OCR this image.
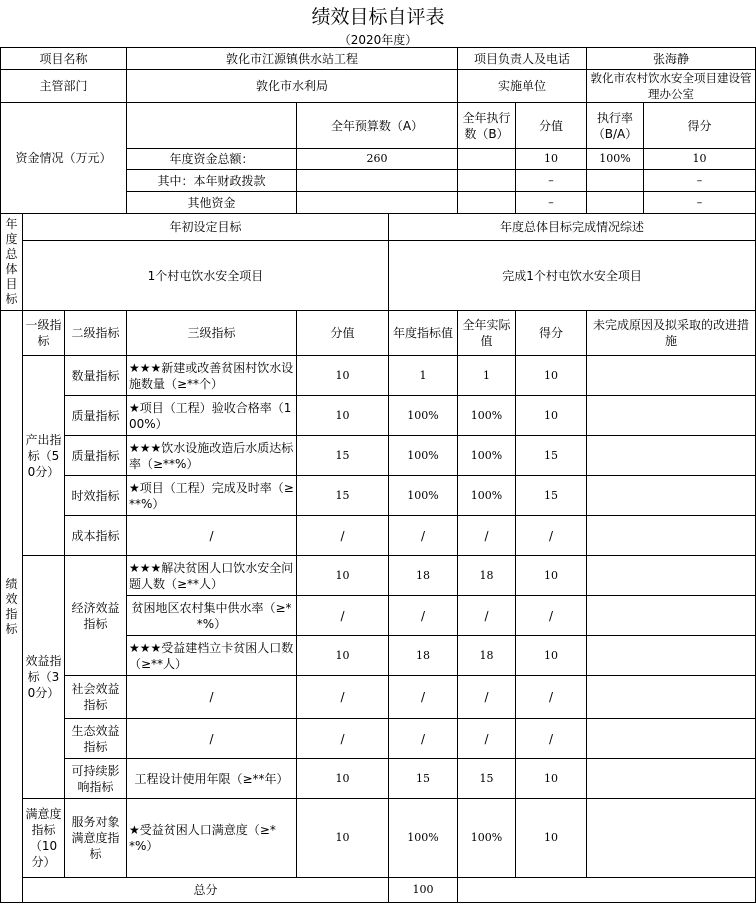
绩效目标自评表
（2020年度）
项目名称			敦化市江源镇供水站工程			项目负责人及电话		张海静	
主管部门			敦化市水利局			实施单位		敦化市农村饮水安全项目建设管理办公室	
资金情况（万元）				全年预算数（A）		全年执行数（B）	分值	执行率（B/A）	得分
			年度资金总额：	260			10	100%	10
			其中：本年财政拨款				–		–
			其他资金				–		–
年度总体目标	年初设定目标				年度总体目标完成情况综述				
	1个村屯饮水安全项目				完成1个村屯饮水安全项目				
绩效指标	一级指标	二级指标	三级指标	分值	年度指标值	全年实际值	得分	未完成原因及拟采取的改进措施	
	产出指标（50分）	数量指标	★★★新建或改善贫困村饮水设施数量（≥**个）	10	1	1	10		
		质量指标	★项目（工程）验收合格率（100%）	10	100%	100%	10		
		质量指标	★★★饮水设施改造后水质达标率（≥**%）	15	100%	100%	15		
		时效指标	★项目（工程）完成及时率（≥**%）	15	100%	100%	15		
		成本指标	/	/	/	/	/		
	效益指标（30分）	经济效益指标	★★★解决贫困人口饮水安全问题人数（≥**人）	10	18	18	10		
			贫困地区农村集中供水率（≥**%）	/	/	/	/		
			★★★受益建档立卡贫困人口数（≥**人）	10	18	18	10		
		社会效益指标	/	/	/	/	/		
		生态效益指标	/	/	/	/	/		
		可持续影响指标	工程设计使用年限（≥**年）	10	15	15	10		
	满意度指标（10分）	服务对象满意度指标	★受益贫困人口满意度（≥**%）	10	100%	100%	10		
	总分				100				
